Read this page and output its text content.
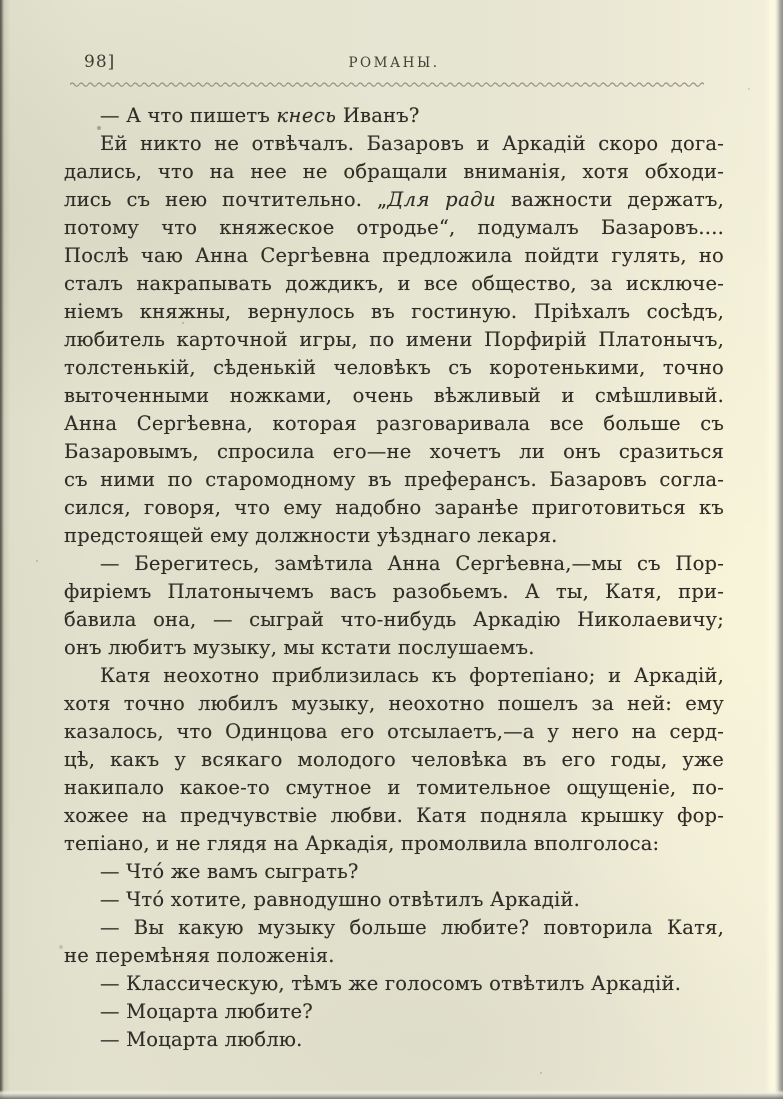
98]	РОМАНЫ.
— А что пишетъ кнесь Иванъ?
Ей никто не отвѣчалъ. Базаровъ и Аркадій скоро дога-
дались, что на нее не обращали вниманія, хотя обходи-
лись съ нею почтительно. „Для ради важности держатъ,
потому что княжеское отродье“, подумалъ Базаровъ....
Послѣ чаю Анна Сергѣевна предложила пойдти гулять, но
сталъ накрапывать дождикъ, и все общество, за исключе-
ніемъ княжны, вернулось въ гостиную. Пріѣхалъ сосѣдъ,
любитель карточной игры, по имени Порфирій Платонычъ,
толстенькій, сѣденькій человѣкъ съ коротенькими, точно
выточенными ножками, очень вѣжливый и смѣшливый.
Анна Сергѣевна, которая разговаривала все больше съ
Базаровымъ, спросила его—не хочетъ ли онъ сразиться
съ ними по старомодному въ преферансъ. Базаровъ согла-
сился, говоря, что ему надобно заранѣе приготовиться къ
предстоящей ему должности уѣзднаго лекаря.
— Берегитесь, замѣтила Анна Сергѣевна,—мы съ Пор-
фиріемъ Платонычемъ васъ разобьемъ. А ты, Катя, при-
бавила она, — сыграй что-нибудь Аркадію Николаевичу;
онъ любитъ музыку, мы кстати послушаемъ.
Катя неохотно приблизилась къ фортепіано; и Аркадій,
хотя точно любилъ музыку, неохотно пошелъ за ней: ему
казалось, что Одинцова его отсылаетъ,—а у него на серд-
цѣ, какъ у всякаго молодого человѣка въ его годы, уже
накипало какое-то смутное и томительное ощущеніе, по-
хожее на предчувствіе любви. Катя подняла крышку фор-
тепіано, и не глядя на Аркадія, промолвила вполголоса:
— Чтó же вамъ сыграть?
— Чтó хотите, равнодушно отвѣтилъ Аркадій.
— Вы какую музыку больше любите? повторила Катя,
не перемѣняя положенія.
— Классическую, тѣмъ же голосомъ отвѣтилъ Аркадій.
— Моцарта любите?
— Моцарта люблю.
